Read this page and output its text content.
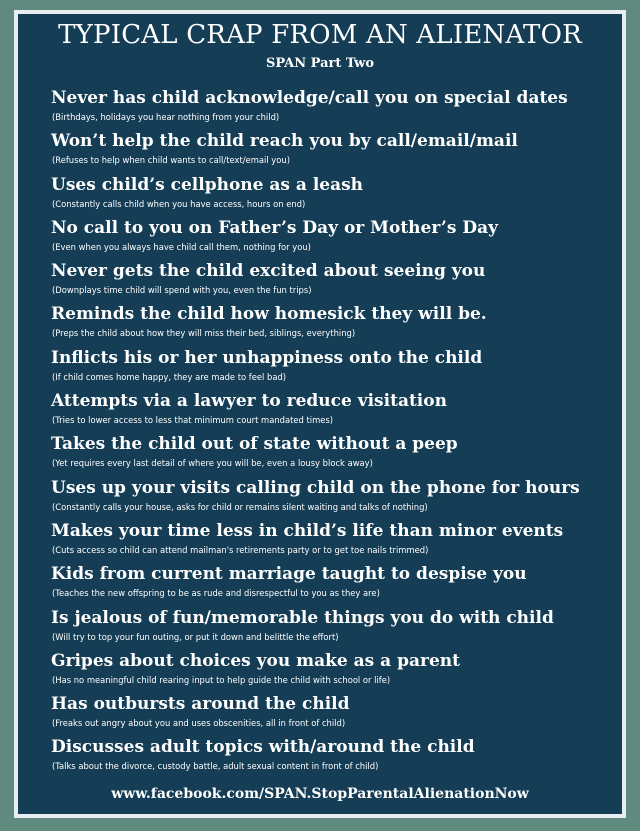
TYPICAL CRAP FROM AN ALIENATOR
SPAN Part Two
Never has child acknowledge/call you on special dates
(Birthdays, holidays you hear nothing from your child)
Won’t help the child reach you by call/email/mail
(Refuses to help when child wants to call/text/email you)
Uses child’s cellphone as a leash
(Constantly calls child when you have access, hours on end)
No call to you on Father’s Day or Mother’s Day
(Even when you always have child call them, nothing for you)
Never gets the child excited about seeing you
(Downplays time child will spend with you, even the fun trips)
Reminds the child how homesick they will be.
(Preps the child about how they will miss their bed, siblings, everything)
Inflicts his or her unhappiness onto the child
(If child comes home happy, they are made to feel bad)
Attempts via a lawyer to reduce visitation
(Tries to lower access to less that minimum court mandated times)
Takes the child out of state without a peep
(Yet requires every last detail of where you will be, even a lousy block away)
Uses up your visits calling child on the phone for hours
(Constantly calls your house, asks for child or remains silent waiting and talks of nothing)
Makes your time less in child’s life than minor events
(Cuts access so child can attend mailman's retirements party or to get toe nails trimmed)
Kids from current marriage taught to despise you
(Teaches the new offspring to be as rude and disrespectful to you as they are)
Is jealous of fun/memorable things you do with child
(Will try to top your fun outing, or put it down and belittle the effort)
Gripes about choices you make as a parent
(Has no meaningful child rearing input to help guide the child with school or life)
Has outbursts around the child
(Freaks out angry about you and uses obscenities, all in front of child)
Discusses adult topics with/around the child
(Talks about the divorce, custody battle, adult sexual content in front of child)
www.facebook.com/SPAN.StopParentalAlienationNow
